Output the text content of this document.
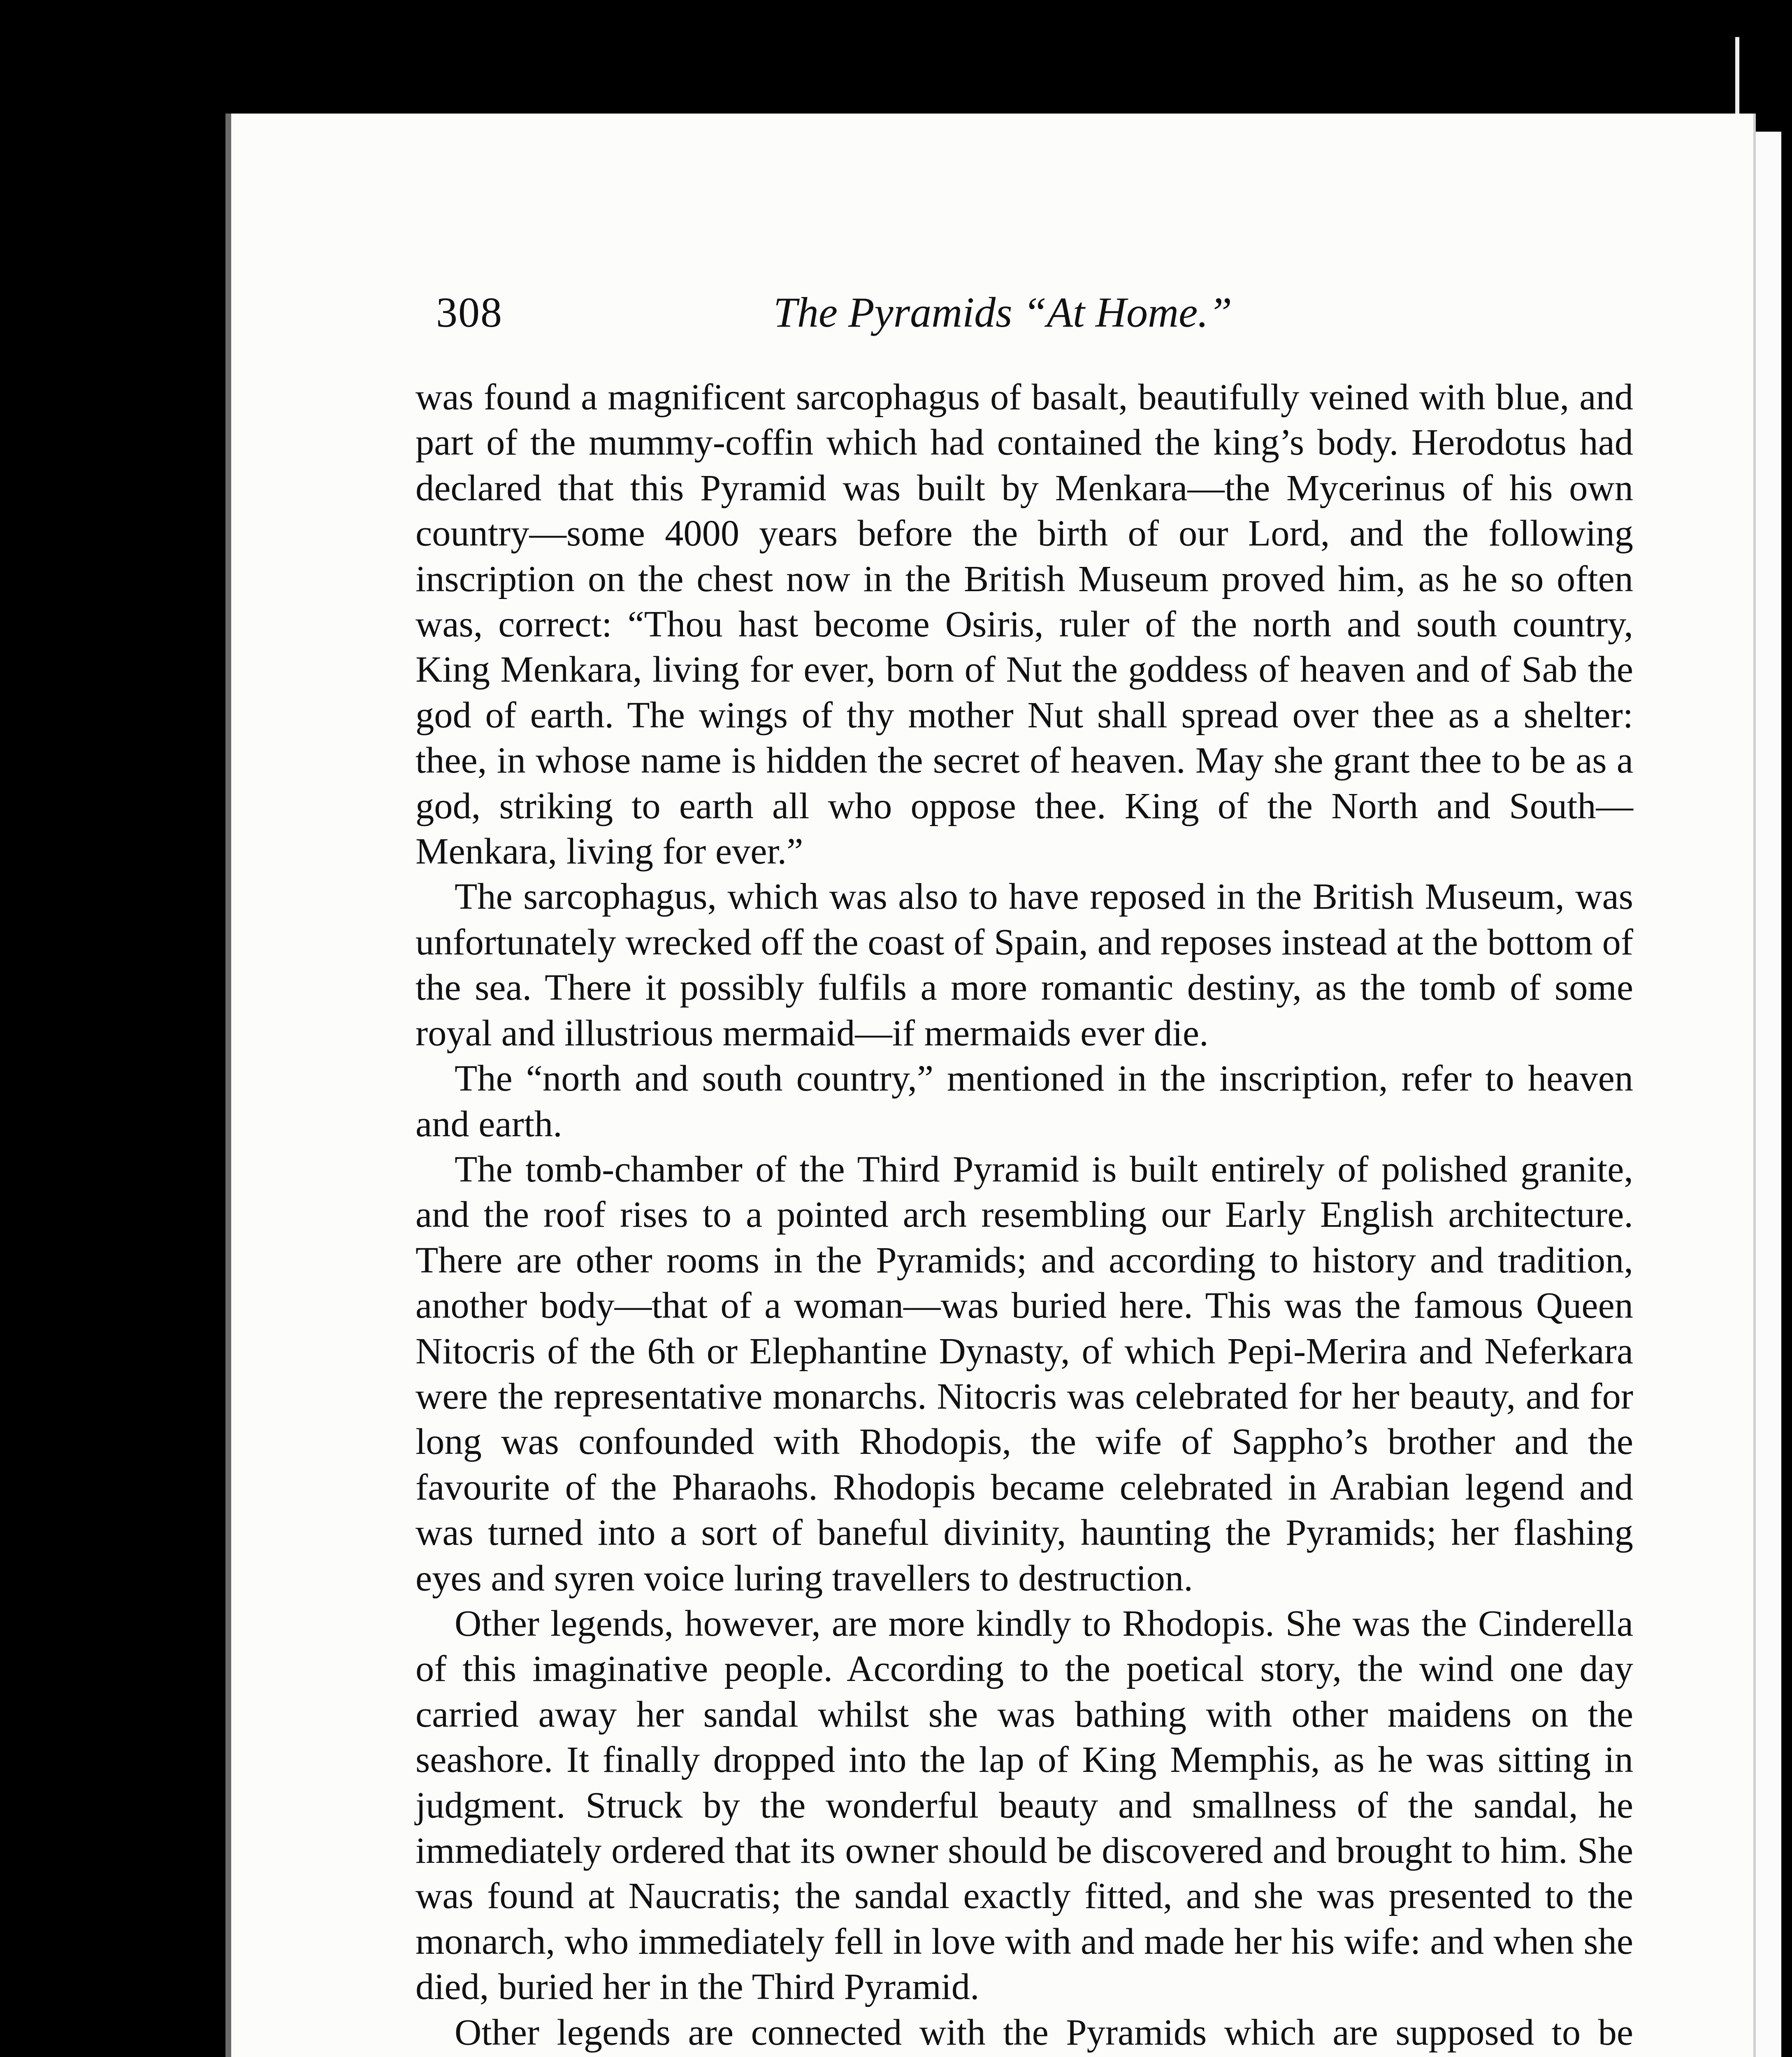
308	The Pyramids “At Home.”

was found a magnificent sarcophagus of basalt, beautifully veined with blue, and part of the mummy-coffin which had contained the king’s body. Herodotus had declared that this Pyramid was built by Menkara—the Mycerinus of his own country—some 4000 years before the birth of our Lord, and the following inscription on the chest now in the British Museum proved him, as he so often was, correct: “Thou hast become Osiris, ruler of the north and south country, King Menkara, living for ever, born of Nut the goddess of heaven and of Sab the god of earth. The wings of thy mother Nut shall spread over thee as a shelter: thee, in whose name is hidden the secret of heaven. May she grant thee to be as a god, striking to earth all who oppose thee. King of the North and South—Menkara, living for ever.”

The sarcophagus, which was also to have reposed in the British Museum, was unfortunately wrecked off the coast of Spain, and reposes instead at the bottom of the sea. There it possibly fulfils a more romantic destiny, as the tomb of some royal and illustrious mermaid—if mermaids ever die.

The “north and south country,” mentioned in the inscription, refer to heaven and earth.

The tomb-chamber of the Third Pyramid is built entirely of polished granite, and the roof rises to a pointed arch resembling our Early English architecture. There are other rooms in the Pyramids; and according to history and tradition, another body—that of a woman—was buried here. This was the famous Queen Nitocris of the 6th or Elephantine Dynasty, of which Pepi-Merira and Neferkara were the representative monarchs. Nitocris was celebrated for her beauty, and for long was confounded with Rhodopis, the wife of Sappho’s brother and the favourite of the Pharaohs. Rhodopis became celebrated in Arabian legend and was turned into a sort of baneful divinity, haunting the Pyramids; her flashing eyes and syren voice luring travellers to destruction.

Other legends, however, are more kindly to Rhodopis. She was the Cinderella of this imaginative people. According to the poetical story, the wind one day carried away her sandal whilst she was bathing with other maidens on the seashore. It finally dropped into the lap of King Memphis, as he was sitting in judgment. Struck by the wonderful beauty and smallness of the sandal, he immediately ordered that its owner should be discovered and brought to him. She was found at Naucratis; the sandal exactly fitted, and she was presented to the monarch, who immediately fell in love with and made her his wife: and when she died, buried her in the Third Pyramid.

Other legends are connected with the Pyramids which are supposed to be
